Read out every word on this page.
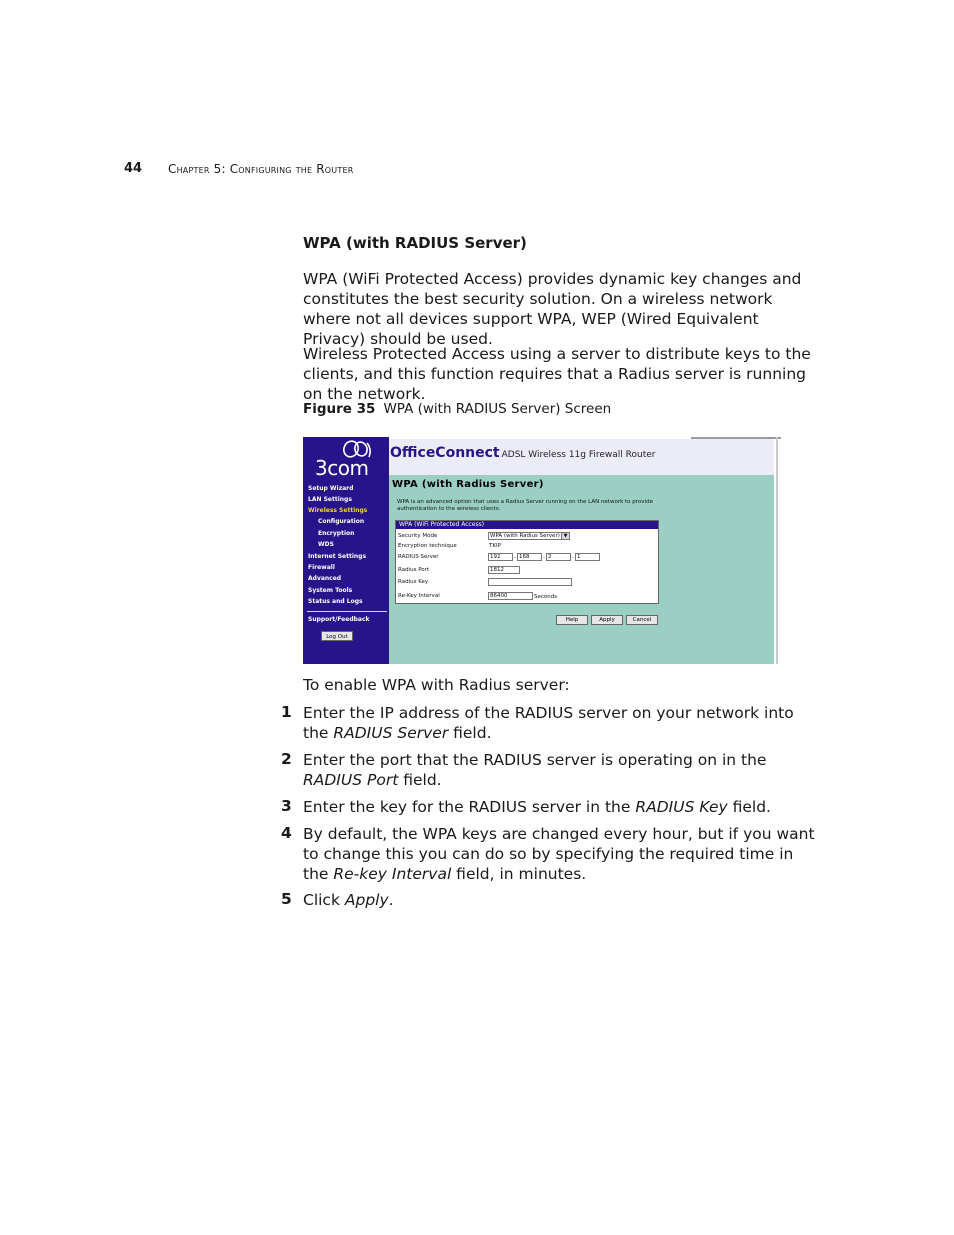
44 Chapter 5: Configuring the Router
WPA (with RADIUS Server)
WPA (WiFi Protected Access) provides dynamic key changes and constitutes the best security solution. On a wireless network where not all devices support WPA, WEP (Wired Equivalent Privacy) should be used.
Wireless Protected Access using a server to distribute keys to the clients, and this function requires that a Radius server is running on the network.
Figure 35 WPA (with RADIUS Server) Screen
3com
Setup Wizard
LAN Settings
Wireless Settings
Configuration
Encryption
WDS
Internet Settings
Firewall
Advanced
System Tools
Status and Logs
Support/Feedback
Log Out
OfficeConnect ADSL Wireless 11g Firewall Router
WPA (with Radius Server)
WPA is an advanced option that uses a Radius Server running on the LAN network to provide authentication to the wireless clients.
WPA (WiFi Protected Access)
Security Mode	WPA (with Radius Server) ▼
Encryption technique	TKIP
RADIUS Server	192	. 168	. 2	. 1
Radius Port	1812
Radius Key
Re-Key Interval	86400	Seconds
Help	Apply	Cancel
To enable WPA with Radius server:
1 Enter the IP address of the RADIUS server on your network into the RADIUS Server field.
2 Enter the port that the RADIUS server is operating on in the RADIUS Port field.
3 Enter the key for the RADIUS server in the RADIUS Key field.
4 By default, the WPA keys are changed every hour, but if you want to change this you can do so by specifying the required time in the Re-key Interval field, in minutes.
5 Click Apply.
